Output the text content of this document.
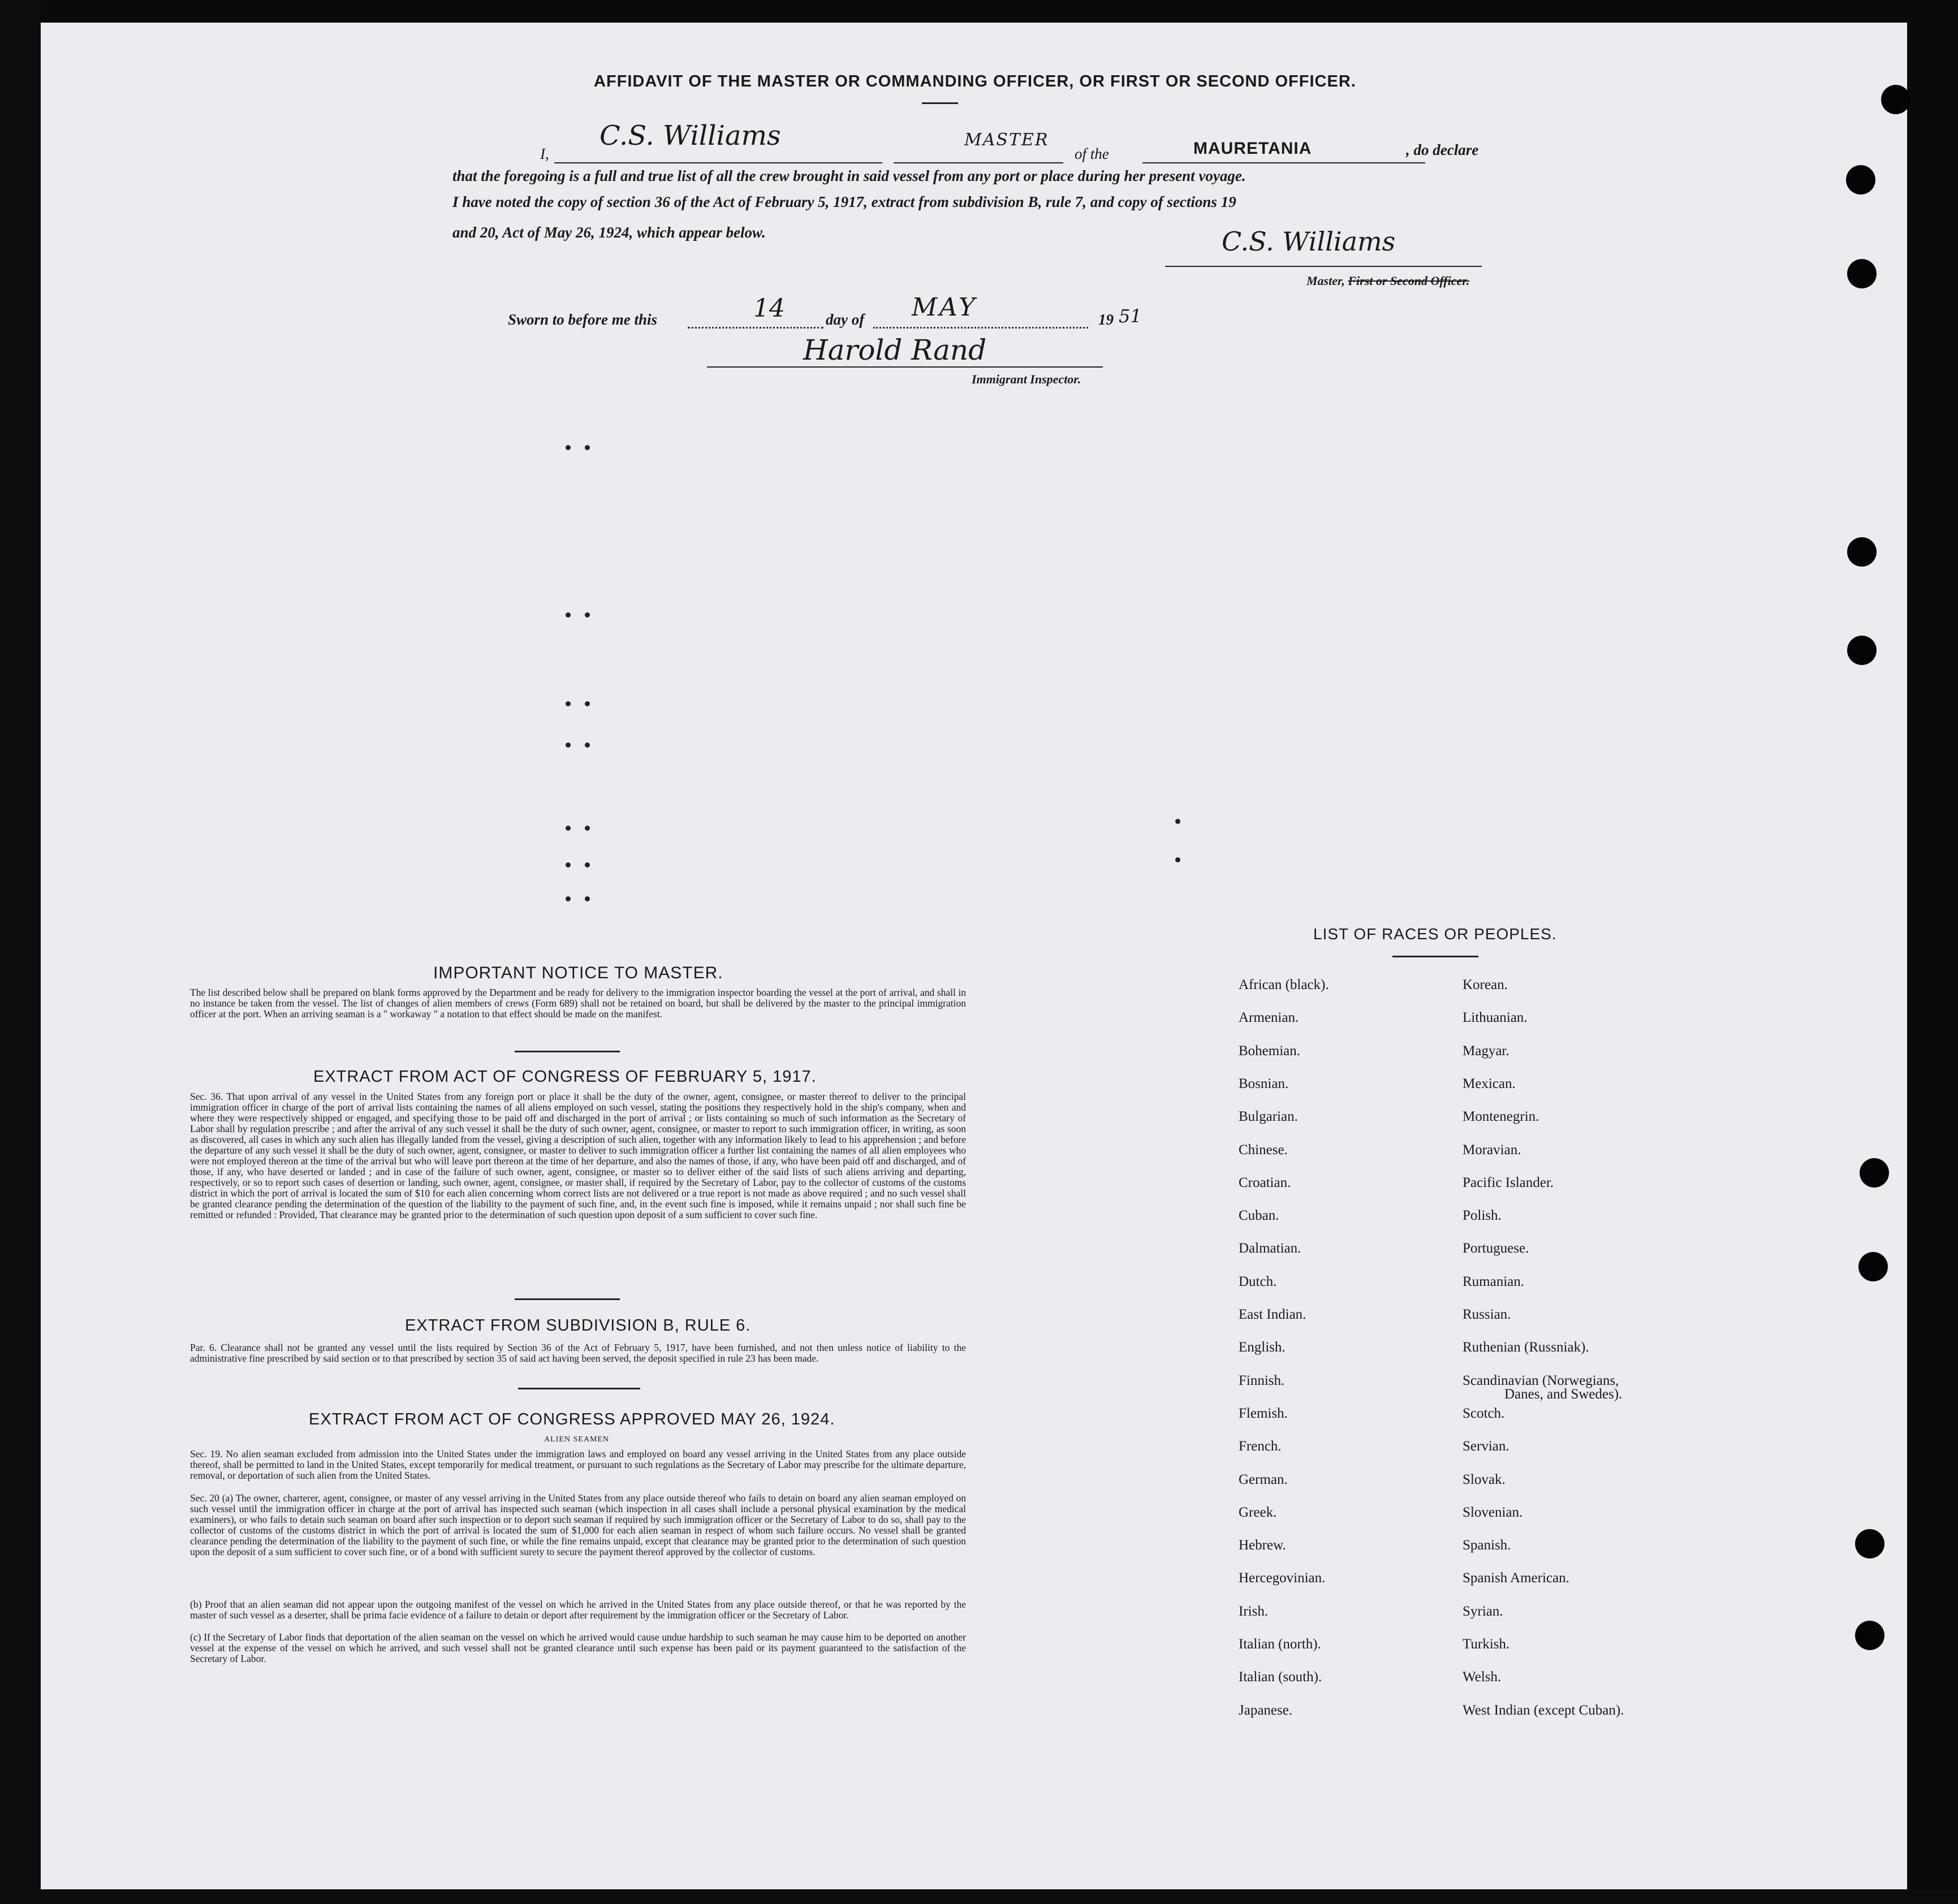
AFFIDAVIT OF THE MASTER OR COMMANDING OFFICER, OR FIRST OR SECOND OFFICER.
I,
C.S. Williams	MASTER
of the	MAURETANIA	, do declare
that the foregoing is a full and true list of all the crew brought in said vessel from any port or place during her present voyage.
I have noted the copy of section 36 of the Act of February 5, 1917, extract from subdivision B, rule 7, and copy of sections 19
and 20, Act of May 26, 1924, which appear below.	C.S. Williams
Master, First or Second Officer.
Sworn to before me this	14	day of MAY	19 51
Harold Rand
Immigrant Inspector.
IMPORTANT NOTICE TO MASTER.
The list described below shall be prepared on blank forms approved by the Department and be ready for delivery to the immigration inspector boarding the vessel at the port of arrival, and shall in no instance be taken from the vessel. The list of changes of alien members of crews (Form 689) shall not be retained on board, but shall be delivered by the master to the principal immigration officer at the port. When an arriving seaman is a " workaway " a notation to that effect should be made on the manifest.
EXTRACT FROM ACT OF CONGRESS OF FEBRUARY 5, 1917.
Sec. 36. That upon arrival of any vessel in the United States from any foreign port or place it shall be the duty of the owner, agent, consignee, or master thereof to deliver to the principal immigration officer in charge of the port of arrival lists containing the names of all aliens employed on such vessel, stating the positions they respectively hold in the ship's company, when and where they were respectively shipped or engaged, and specifying those to be paid off and discharged in the port of arrival ; or lists containing so much of such information as the Secretary of Labor shall by regulation prescribe ; and after the arrival of any such vessel it shall be the duty of such owner, agent, consignee, or master to report to such immigration officer, in writing, as soon as discovered, all cases in which any such alien has illegally landed from the vessel, giving a description of such alien, together with any information likely to lead to his apprehension ; and before the departure of any such vessel it shall be the duty of such owner, agent, consignee, or master to deliver to such immigration officer a further list containing the names of all alien employees who were not employed thereon at the time of the arrival but who will leave port thereon at the time of her departure, and also the names of those, if any, who have been paid off and discharged, and of those, if any, who have deserted or landed ; and in case of the failure of such owner, agent, consignee, or master so to deliver either of the said lists of such aliens arriving and departing, respectively, or so to report such cases of desertion or landing, such owner, agent, consignee, or master shall, if required by the Secretary of Labor, pay to the collector of customs of the customs district in which the port of arrival is located the sum of $10 for each alien concerning whom correct lists are not delivered or a true report is not made as above required ; and no such vessel shall be granted clearance pending the determination of the question of the liability to the payment of such fine, and, in the event such fine is imposed, while it remains unpaid ; nor shall such fine be remitted or refunded : Provided, That clearance may be granted prior to the determination of such question upon deposit of a sum sufficient to cover such fine.
EXTRACT FROM SUBDIVISION B, RULE 6.
Par. 6. Clearance shall not be granted any vessel until the lists required by Section 36 of the Act of February 5, 1917, have been furnished, and not then unless notice of liability to the administrative fine prescribed by said section or to that prescribed by section 35 of said act having been served, the deposit specified in rule 23 has been made.
EXTRACT FROM ACT OF CONGRESS APPROVED MAY 26, 1924.
ALIEN SEAMEN
Sec. 19. No alien seaman excluded from admission into the United States under the immigration laws and employed on board any vessel arriving in the United States from any place outside thereof, shall be permitted to land in the United States, except temporarily for medical treatment, or pursuant to such regulations as the Secretary of Labor may prescribe for the ultimate departure, removal, or deportation of such alien from the United States.
Sec. 20 (a) The owner, charterer, agent, consignee, or master of any vessel arriving in the United States from any place outside thereof who fails to detain on board any alien seaman employed on such vessel until the immigration officer in charge at the port of arrival has inspected such seaman (which inspection in all cases shall include a personal physical examination by the medical examiners), or who fails to detain such seaman on board after such inspection or to deport such seaman if required by such immigration officer or the Secretary of Labor to do so, shall pay to the collector of customs of the customs district in which the port of arrival is located the sum of $1,000 for each alien seaman in respect of whom such failure occurs. No vessel shall be granted clearance pending the determination of the liability to the payment of such fine, or while the fine remains unpaid, except that clearance may be granted prior to the determination of such question upon the deposit of a sum sufficient to cover such fine, or of a bond with sufficient surety to secure the payment thereof approved by the collector of customs.
(b) Proof that an alien seaman did not appear upon the outgoing manifest of the vessel on which he arrived in the United States from any place outside thereof, or that he was reported by the master of such vessel as a deserter, shall be prima facie evidence of a failure to detain or deport after requirement by the immigration officer or the Secretary of Labor.
(c) If the Secretary of Labor finds that deportation of the alien seaman on the vessel on which he arrived would cause undue hardship to such seaman he may cause him to be deported on another vessel at the expense of the vessel on which he arrived, and such vessel shall not be granted clearance until such expense has been paid or its payment guaranteed to the satisfaction of the Secretary of Labor.
LIST OF RACES OR PEOPLES.
African (black).
Armenian.
Bohemian.
Bosnian.
Bulgarian.
Chinese.
Croatian.
Cuban.
Dalmatian.
Dutch.
East Indian.
English.
Finnish.
Flemish.
French.
German.
Greek.
Hebrew.
Hercegovinian.
Irish.
Italian (north).
Italian (south).
Japanese.
Korean.
Lithuanian.
Magyar.
Mexican.
Montenegrin.
Moravian.
Pacific Islander.
Polish.
Portuguese.
Rumanian.
Russian.
Ruthenian (Russniak).
Scandinavian (Norwegians,
Scotch.
Servian.
Slovak.
Slovenian.
Spanish.
Spanish American.
Syrian.
Turkish.
Welsh.
West Indian (except Cuban).
Danes, and Swedes).
